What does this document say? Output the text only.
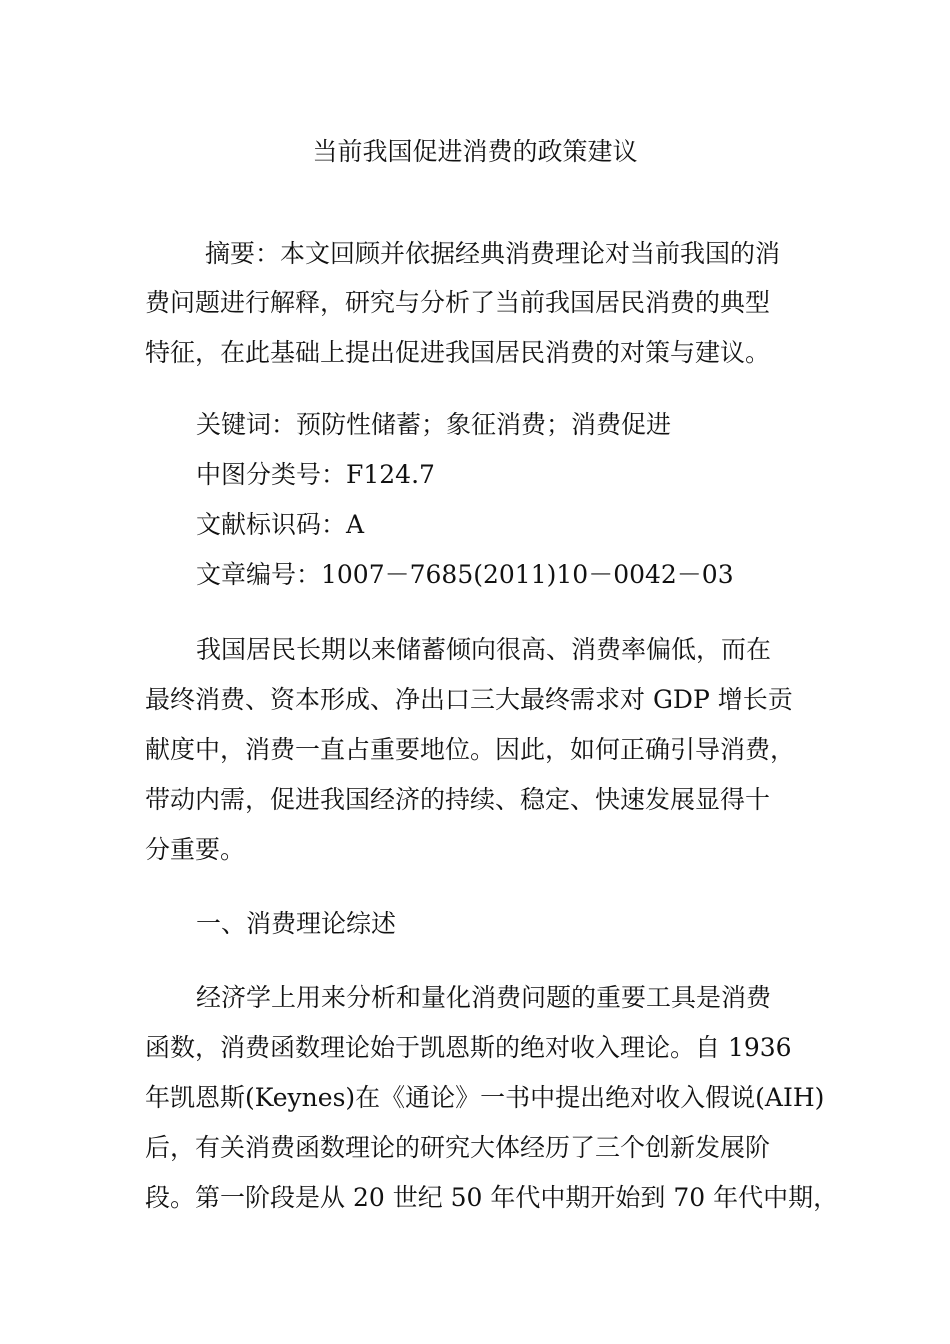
当前我国促进消费的政策建议
摘要：本文回顾并依据经典消费理论对当前我国的消
费问题进行解释，研究与分析了当前我国居民消费的典型
特征，在此基础上提出促进我国居民消费的对策与建议。
关键词：预防性储蓄；象征消费；消费促进
中图分类号：F124.7
文献标识码：A
文章编号：1007－7685(2011)10－0042－03
我国居民长期以来储蓄倾向很高、消费率偏低，而在
最终消费、资本形成、净出口三大最终需求对 GDP 增长贡
献度中，消费一直占重要地位。因此，如何正确引导消费，
带动内需，促进我国经济的持续、稳定、快速发展显得十
分重要。
一、消费理论综述
经济学上用来分析和量化消费问题的重要工具是消费
函数，消费函数理论始于凯恩斯的绝对收入理论。自 1936
年凯恩斯(Keynes)在《通论》一书中提出绝对收入假说(AIH)
后，有关消费函数理论的研究大体经历了三个创新发展阶
段。第一阶段是从 20 世纪 50 年代中期开始到 70 年代中期，
